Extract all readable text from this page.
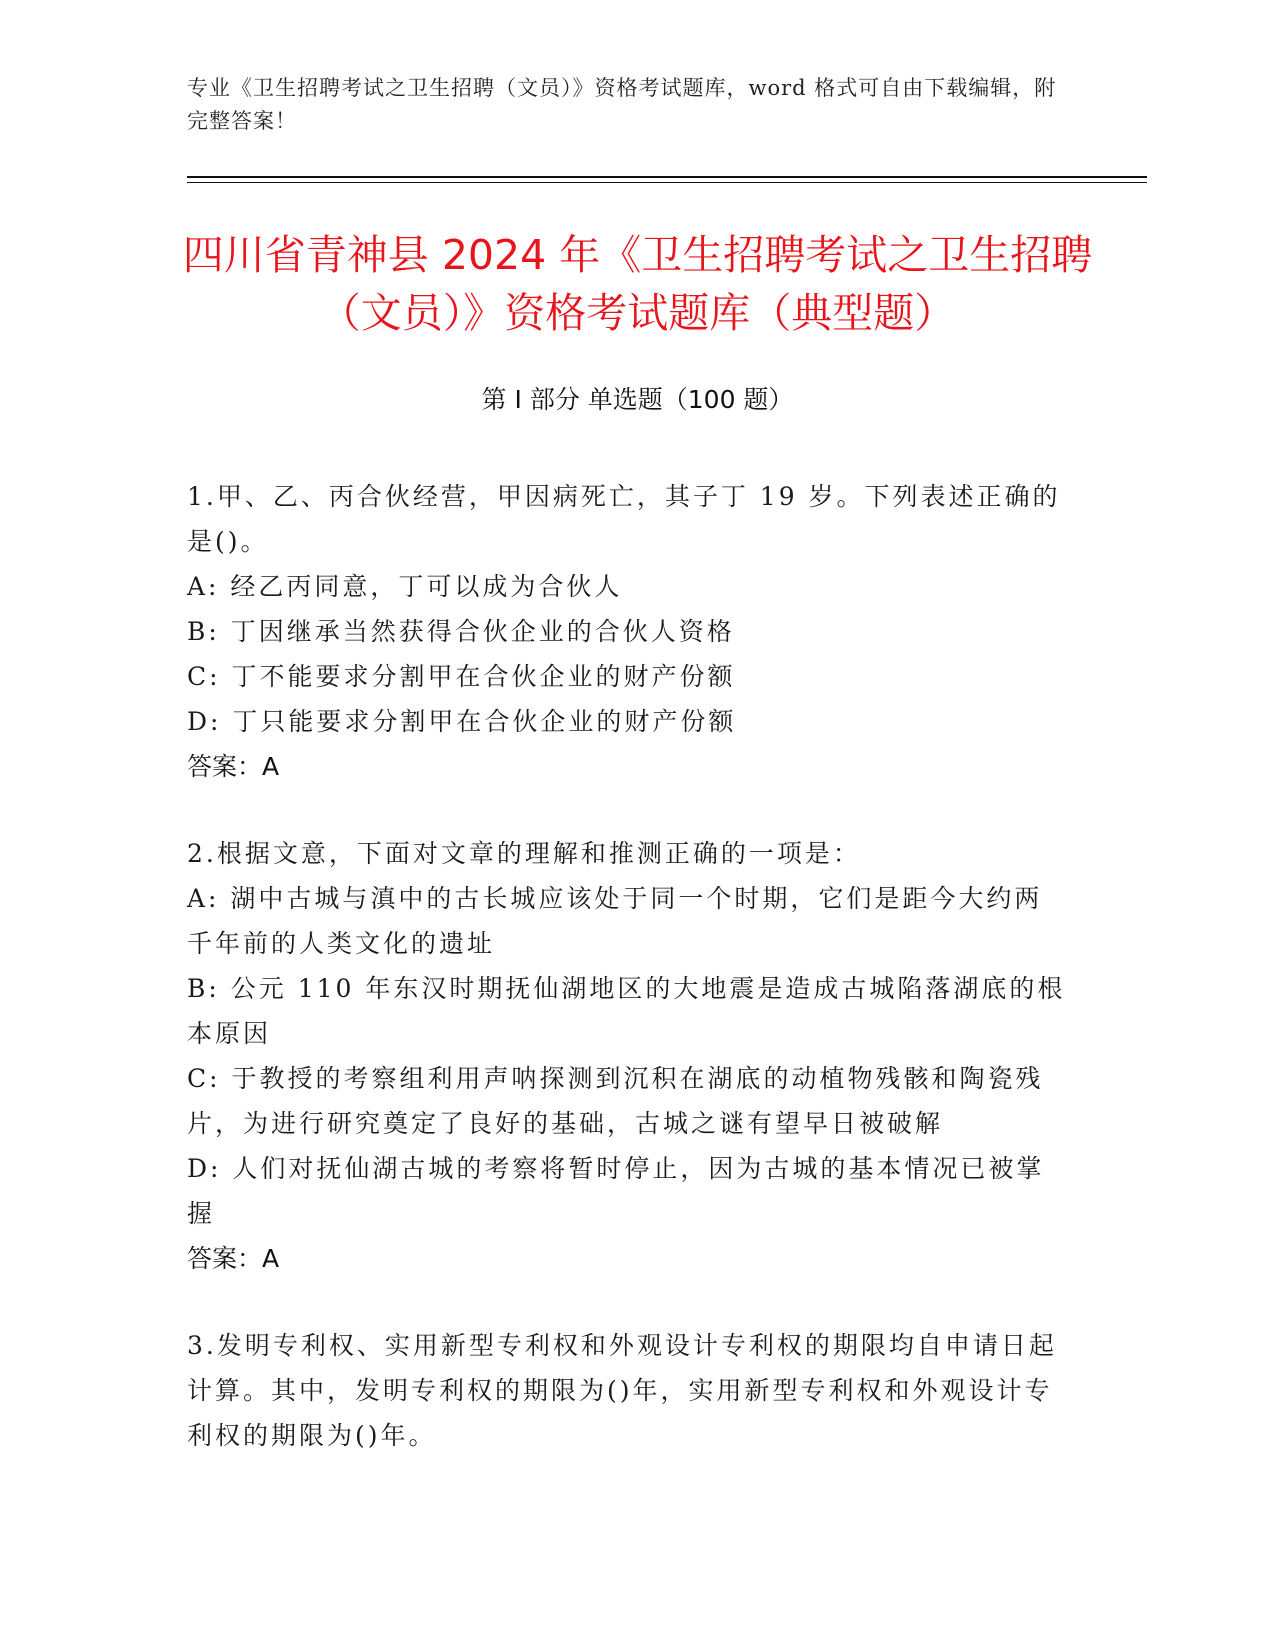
专业《卫生招聘考试之卫生招聘（文员）》资格考试题库，word 格式可自由下载编辑，附完整答案！
四川省青神县 2024 年《卫生招聘考试之卫生招聘（文员）》资格考试题库（典型题）
第 I 部分 单选题（100 题）
1.甲、乙、丙合伙经营，甲因病死亡，其子丁 19 岁。下列表述正确的是()。
A: 经乙丙同意，丁可以成为合伙人
B: 丁因继承当然获得合伙企业的合伙人资格
C: 丁不能要求分割甲在合伙企业的财产份额
D: 丁只能要求分割甲在合伙企业的财产份额
答案：A
2.根据文意，下面对文章的理解和推测正确的一项是：
A: 湖中古城与滇中的古长城应该处于同一个时期，它们是距今大约两千年前的人类文化的遗址
B: 公元 110 年东汉时期抚仙湖地区的大地震是造成古城陷落湖底的根本原因
C: 于教授的考察组利用声呐探测到沉积在湖底的动植物残骸和陶瓷残片，为进行研究奠定了良好的基础，古城之谜有望早日被破解
D: 人们对抚仙湖古城的考察将暂时停止，因为古城的基本情况已被掌握
答案：A
3.发明专利权、实用新型专利权和外观设计专利权的期限均自申请日起计算。其中，发明专利权的期限为()年，实用新型专利权和外观设计专利权的期限为()年。
